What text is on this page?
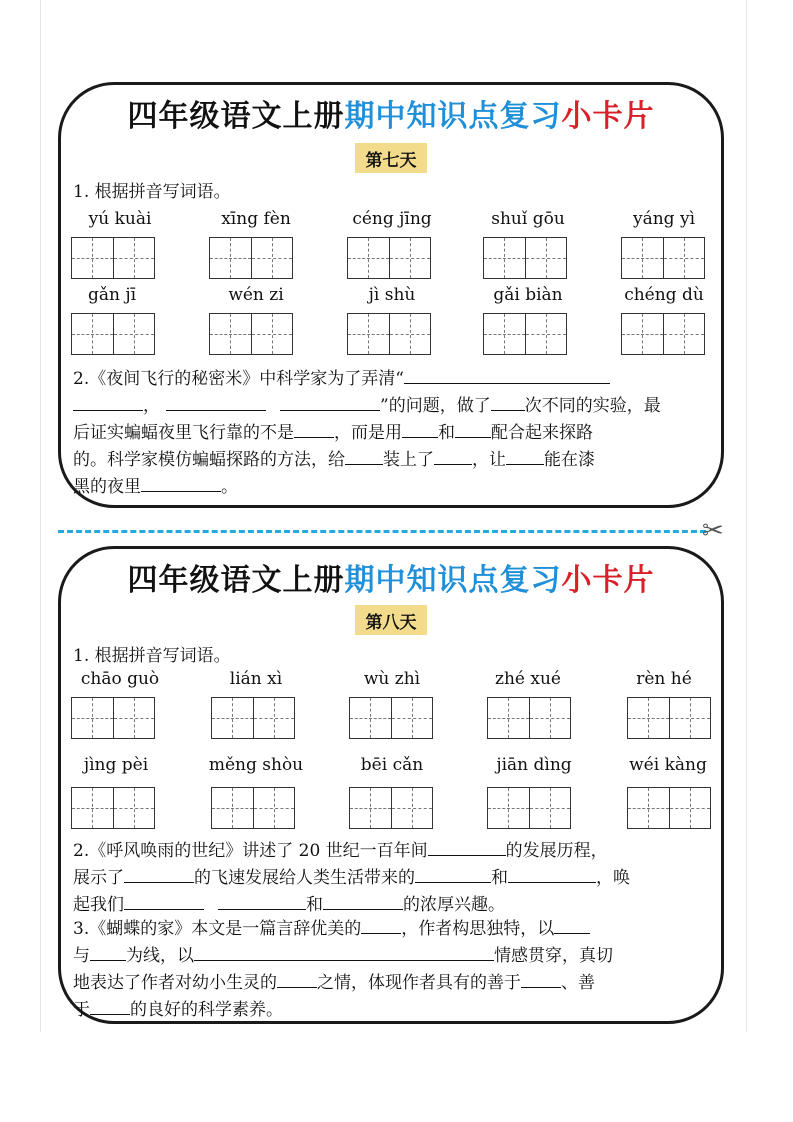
四年级语文上册期中知识点复习小卡片
第七天
1. 根据拼音写词语。
yú kuài	xīng fèn	céng jīng	shuǐ gōu	yáng yì
gǎn jī	wén zi	jì shù	gǎi biàn	chéng dù
2.《夜间飞行的秘密米》中科学家为了弄清“
，	”的问题，做了 次不同的实验，最
后证实蝙蝠夜里飞行靠的不是 ，而是用 和 配合起来探路
的。科学家模仿蝙蝠探路的方法，给 装上了 ，让 能在漆
黑的夜里	。
✂
四年级语文上册期中知识点复习小卡片
第八天
1. 根据拼音写词语。
chāo guò	lián xì	wù zhì	zhé xué	rèn hé
jìng pèi	měng shòu	bēi cǎn	jiān dìng	wéi kàng
2.《呼风唤雨的世纪》讲述了 20 世纪一百年间	的发展历程，
展示了	的飞速发展给人类生活带来的	和	，唤
起我们	和	的浓厚兴趣。
3.《蝴蝶的家》本文是一篇言辞优美的 ，作者构思独特，以
与 为线，以	情感贯穿，真切
地表达了作者对幼小生灵的 之情，体现作者具有的善于 、善
于 的良好的科学素养。
